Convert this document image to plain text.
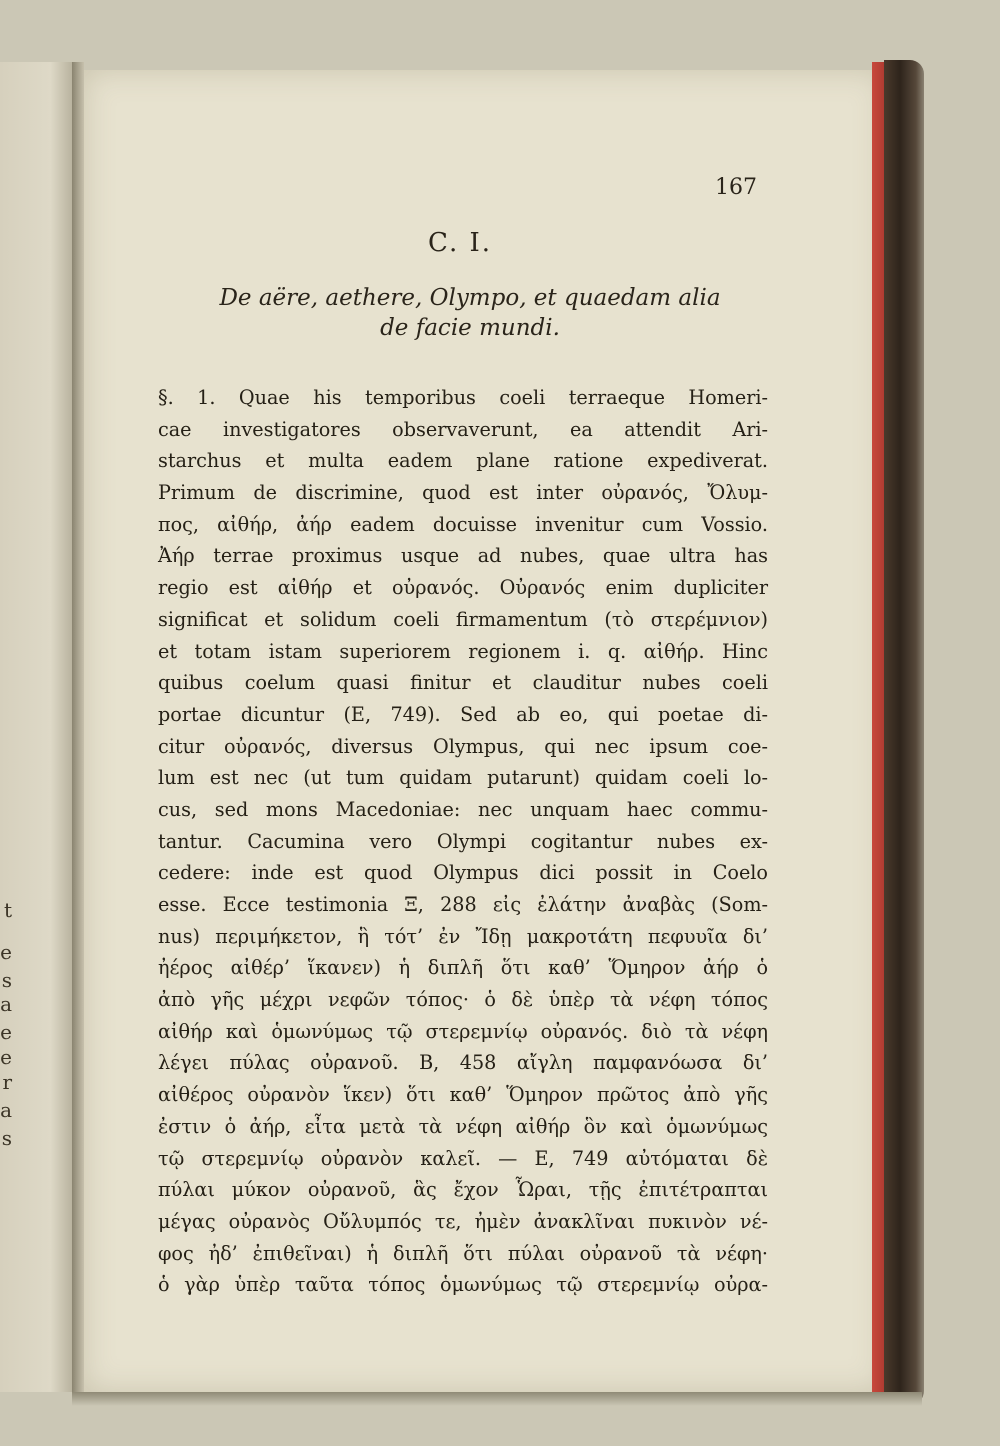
t
e
s
a
e
e
r
a
s
167
C. I.
De aëre, aethere, Olympo, et quaedam alia
de facie mundi.
§. 1. Quae his temporibus coeli terraeque Homeri-
cae investigatores observaverunt, ea attendit Ari-
starchus et multa eadem plane ratione expediverat.
Primum de discrimine, quod est inter οὐρανός, Ὄλυμ-
πος, αἰθήρ, ἀήρ eadem docuisse invenitur cum Vossio.
Ἀήρ terrae proximus usque ad nubes, quae ultra has
regio est αἰθήρ et οὐρανός. Οὐρανός enim dupliciter
significat et solidum coeli firmamentum (τὸ στερέμνιον)
et totam istam superiorem regionem i. q. αἰθήρ. Hinc
quibus coelum quasi finitur et clauditur nubes coeli
portae dicuntur (E, 749). Sed ab eo, qui poetae di-
citur οὐρανός, diversus Olympus, qui nec ipsum coe-
lum est nec (ut tum quidam putarunt) quidam coeli lo-
cus, sed mons Macedoniae: nec unquam haec commu-
tantur. Cacumina vero Olympi cogitantur nubes ex-
cedere: inde est quod Olympus dici possit in Coelo
esse. Ecce testimonia Ξ, 288 εἰς ἐλάτην ἀναβὰς (Som-
nus) περιμήκετον, ἣ τότ’ ἐν Ἴδῃ μακροτάτη πεφυυῖα δι’
ἠέρος αἰθέρ’ ἵκανεν) ἡ διπλῆ ὅτι καθ’ Ὅμηρον ἀήρ ὁ
ἀπὸ γῆς μέχρι νεφῶν τόπος· ὁ δὲ ὑπὲρ τὰ νέφη τόπος
αἰθήρ καὶ ὁμωνύμως τῷ στερεμνίῳ οὐρανός. διὸ τὰ νέφη
λέγει πύλας οὐρανοῦ. B, 458 αἴγλη παμφανόωσα δι’
αἰθέρος οὐρανὸν ἵκεν) ὅτι καθ’ Ὅμηρον πρῶτος ἀπὸ γῆς
ἐστιν ὁ ἀήρ, εἶτα μετὰ τὰ νέφη αἰθήρ ὃν καὶ ὁμωνύμως
τῷ στερεμνίῳ οὐρανὸν καλεῖ. — E, 749 αὐτόμαται δὲ
πύλαι μύκον οὐρανοῦ, ἃς ἔχον Ὧραι, τῇς ἐπιτέτραπται
μέγας οὐρανὸς Οὔλυμπός τε, ἠμὲν ἀνακλῖναι πυκινὸν νέ-
φος ἠδ’ ἐπιθεῖναι) ἡ διπλῆ ὅτι πύλαι οὐρανοῦ τὰ νέφη·
ὁ γὰρ ὑπὲρ ταῦτα τόπος ὁμωνύμως τῷ στερεμνίῳ οὐρα-
